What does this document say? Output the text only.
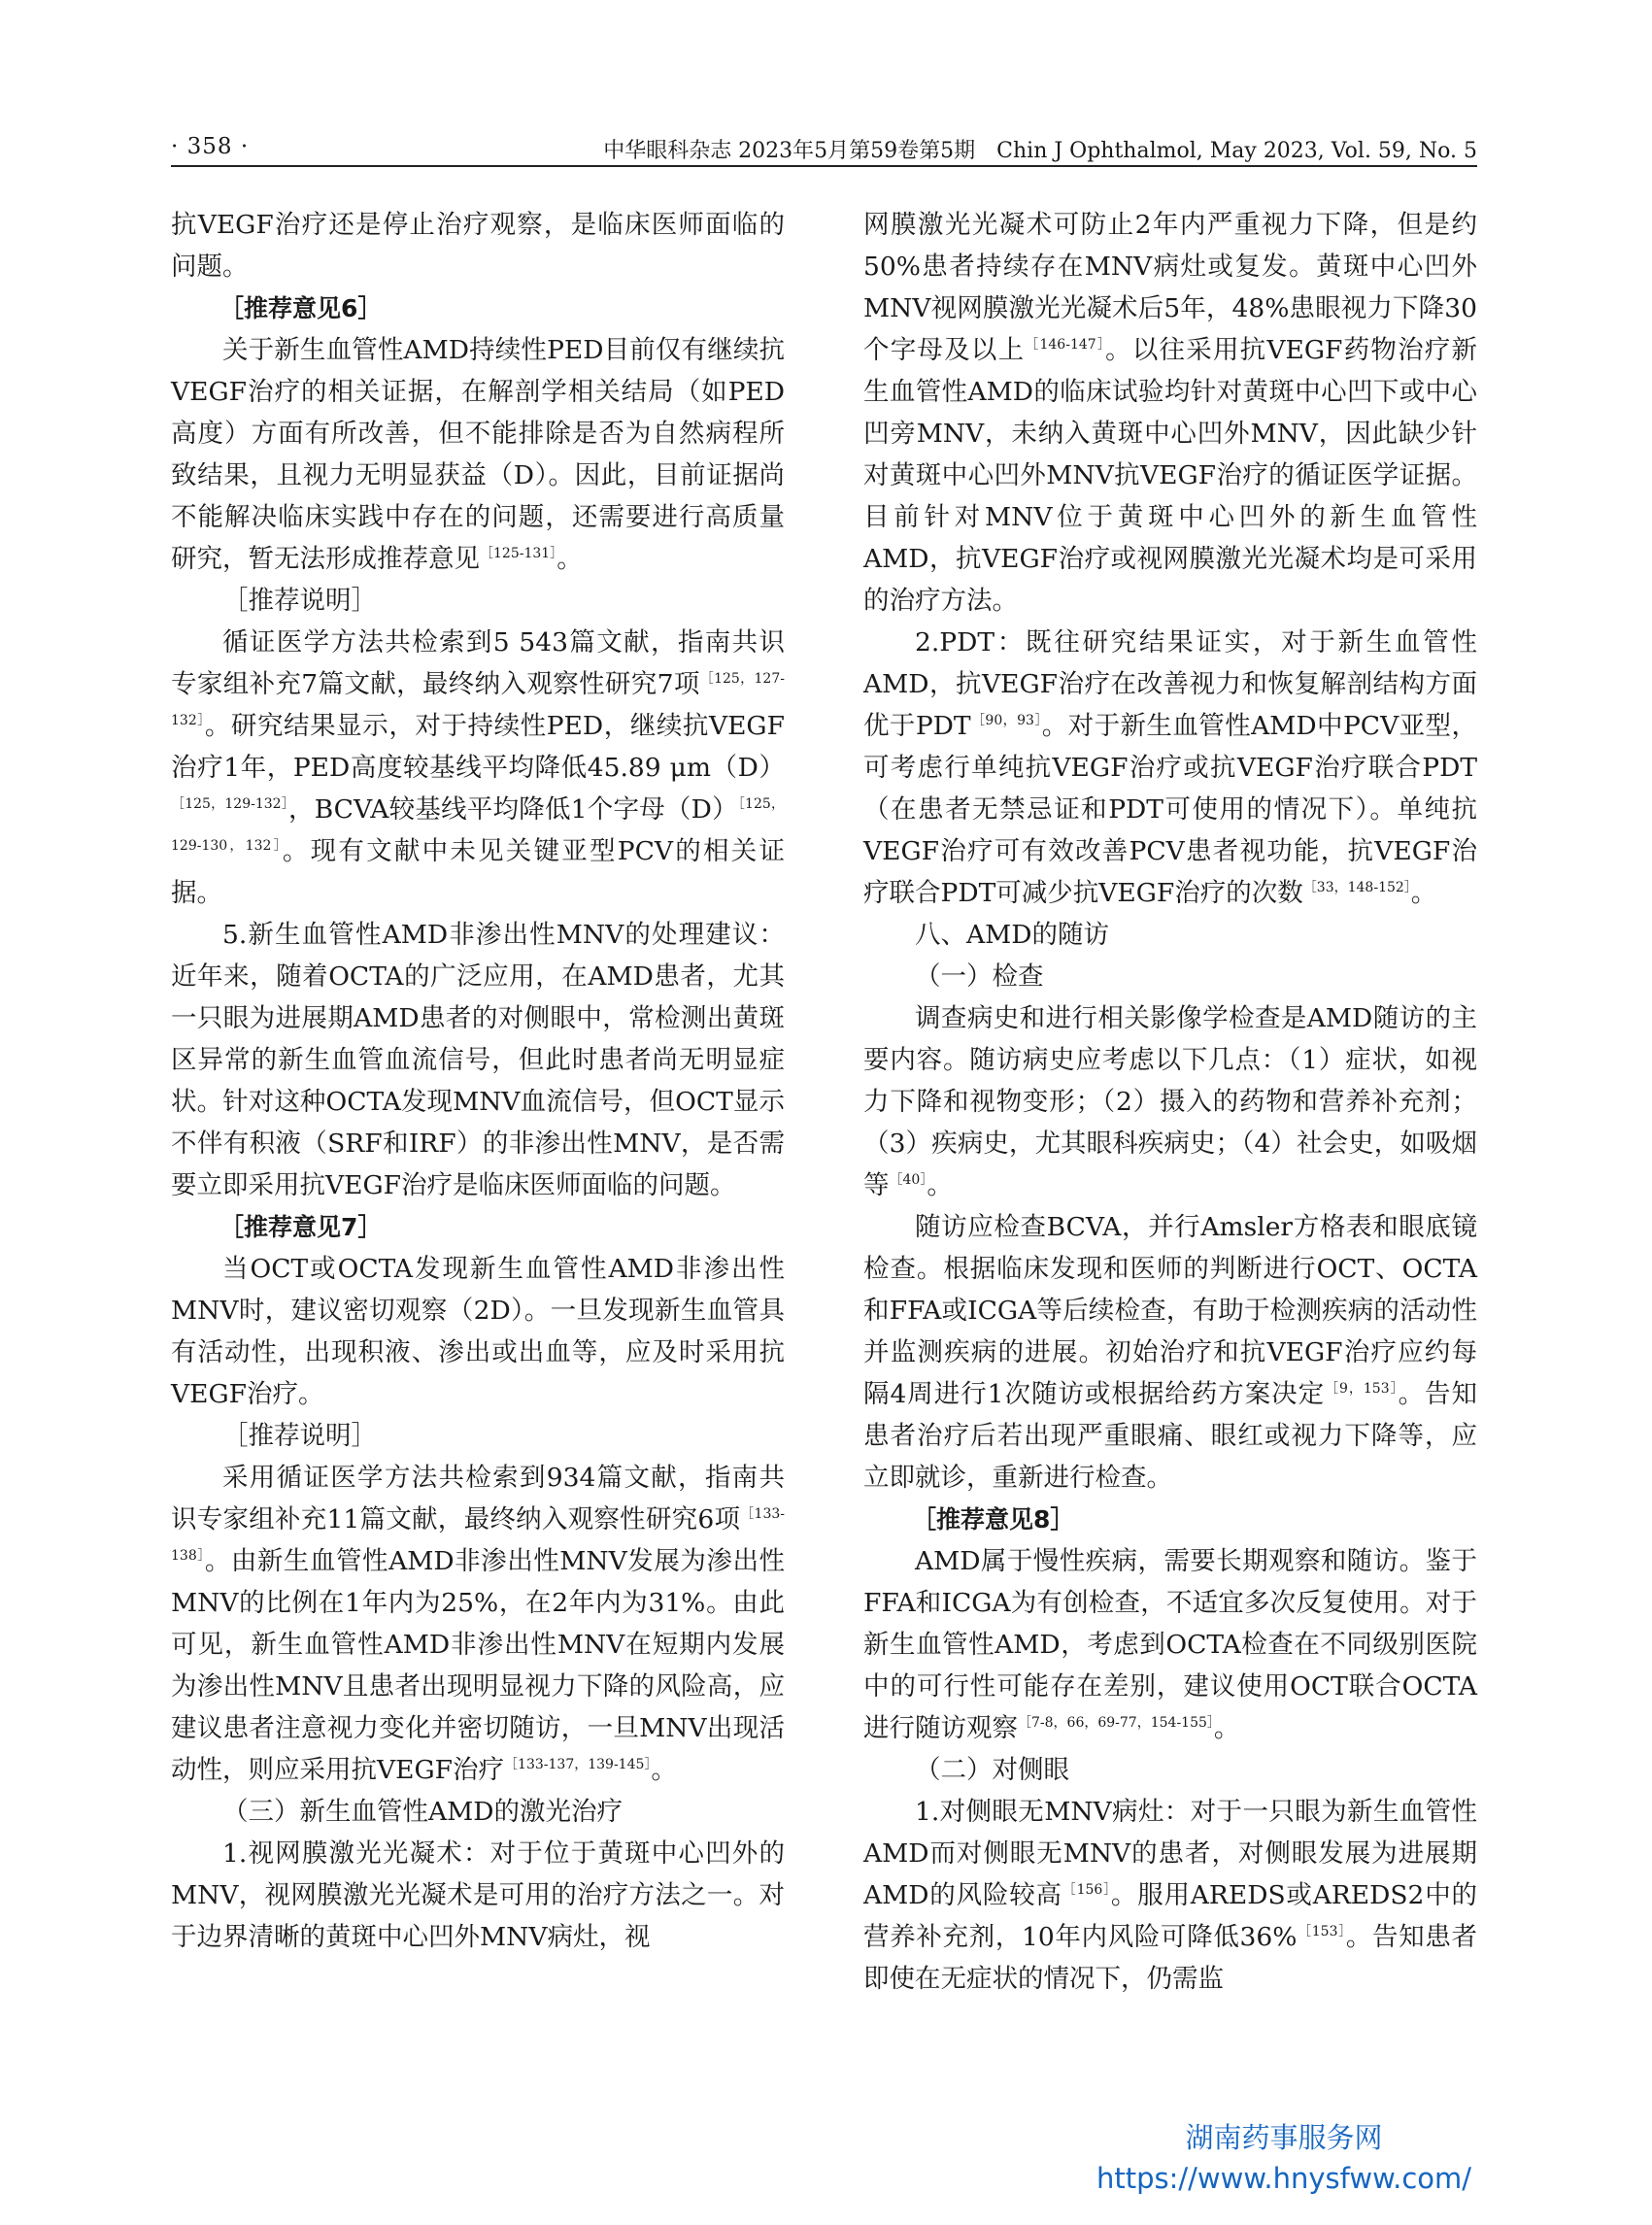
· 358 ·	中华眼科杂志 2023年5月第59卷第5期　Chin J Ophthalmol, May 2023, Vol. 59, No. 5

抗VEGF治疗还是停止治疗观察，是临床医师面临的问题。

［推荐意见6］

关于新生血管性AMD持续性PED目前仅有继续抗VEGF治疗的相关证据，在解剖学相关结局（如PED高度）方面有所改善，但不能排除是否为自然病程所致结果，且视力无明显获益（D）。因此，目前证据尚不能解决临床实践中存在的问题，还需要进行高质量研究，暂无法形成推荐意见$^{[125-131]}$。

［推荐说明］

循证医学方法共检索到5 543篇文献，指南共识专家组补充7篇文献，最终纳入观察性研究7项$^{[125,127-132]}$。研究结果显示，对于持续性PED，继续抗VEGF治疗1年，PED高度较基线平均降低45.89 $\mu m(D)^{[125,129-132]}$，BCVA较基线平均降低1个字母$(D)^{[125,129-130,132]}$。现有文献中未见关键亚型PCV的相关证据。

5.新生血管性AMD非渗出性MNV的处理建议：近年来，随着OCTA的广泛应用，在AMD患者，尤其一只眼为进展期AMD患者的对侧眼中，常检测出黄斑区异常的新生血管血流信号，但此时患者尚无明显症状。针对这种OCTA发现MNV血流信号，但OCT显示不伴有积液（SRF和IRF）的非渗出性MNV，是否需要立即采用抗VEGF治疗是临床医师面临的问题。

［推荐意见7］

当OCT或OCTA发现新生血管性AMD非渗出性MNV时，建议密切观察（2D）。一旦发现新生血管具有活动性，出现积液、渗出或出血等，应及时采用抗VEGF治疗。

［推荐说明］

采用循证医学方法共检索到934篇文献，指南共识专家组补充11篇文献，最终纳入观察性研究6项$^{[133-138]}$。由新生血管性AMD非渗出性MNV发展为渗出性MNV的比例在1年内为25%，在2年内为31%。由此可见，新生血管性AMD非渗出性MNV在短期内发展为渗出性MNV且患者出现明显视力下降的风险高，应建议患者注意视力变化并密切随访，一旦MNV出现活动性，则应采用抗VEGF治疗$^{[133-137,139-145]}$。

（三）新生血管性AMD的激光治疗

1.视网膜激光光凝术：对于位于黄斑中心凹外的MNV，视网膜激光光凝术是可用的治疗方法之一。对于边界清晰的黄斑中心凹外MNV病灶，视

网膜激光光凝术可防止2年内严重视力下降，但是约50%患者持续存在MNV病灶或复发。黄斑中心凹外MNV视网膜激光光凝术后5年，48%患眼视力下降30个字母及以上$^{[146-147]}$。以往采用抗VEGF药物治疗新生血管性AMD的临床试验均针对黄斑中心凹下或中心凹旁MNV，未纳入黄斑中心凹外MNV，因此缺少针对黄斑中心凹外MNV抗VEGF治疗的循证医学证据。目前针对MNV位于黄斑中心凹外的新生血管性AMD，抗VEGF治疗或视网膜激光光凝术均是可采用的治疗方法。

2.PDT：既往研究结果证实，对于新生血管性AMD，抗VEGF治疗在改善视力和恢复解剖结构方面优于$PDT^{[90,93]}$。对于新生血管性AMD中PCV亚型，可考虑行单纯抗VEGF治疗或抗VEGF治疗联合PDT（在患者无禁忌证和PDT可使用的情况下）。单纯抗VEGF治疗可有效改善PCV患者视功能，抗VEGF治疗联合PDT可减少抗VEGF治疗的次数$^{[33,148-152]}$。

八、AMD的随访
（一）检查

调查病史和进行相关影像学检查是AMD随访的主要内容。随访病史应考虑以下几点：（1）症状，如视力下降和视物变形；（2）摄入的药物和营养补充剂；（3）疾病史，尤其眼科疾病史；（4）社会史，如吸烟等$^{[40]}$。

随访应检查BCVA，并行Amsler方格表和眼底镜检查。根据临床发现和医师的判断进行OCT、OCTA和FFA或ICGA等后续检查，有助于检测疾病的活动性并监测疾病的进展。初始治疗和抗VEGF治疗应约每隔4周进行1次随访或根据给药方案决定$^{[9,153]}$。告知患者治疗后若出现严重眼痛、眼红或视力下降等，应立即就诊，重新进行检查。

［推荐意见8］

AMD属于慢性疾病，需要长期观察和随访。鉴于FFA和ICGA为有创检查，不适宜多次反复使用。对于新生血管性AMD，考虑到OCTA检查在不同级别医院中的可行性可能存在差别，建议使用OCT联合OCTA进行随访观察$^{[7-8,66,69-77,154-155]}$。

（二）对侧眼

1.对侧眼无MNV病灶：对于一只眼为新生血管性AMD而对侧眼无MNV的患者，对侧眼发展为进展期AMD的风险较高$^{[156]}$。服用AREDS或AREDS2中的营养补充剂，10年内风险可降低36%$^{[153]}$。告知患者即使在无症状的情况下，仍需监

湖南药事服务网
https://www.hnysfww.com/
